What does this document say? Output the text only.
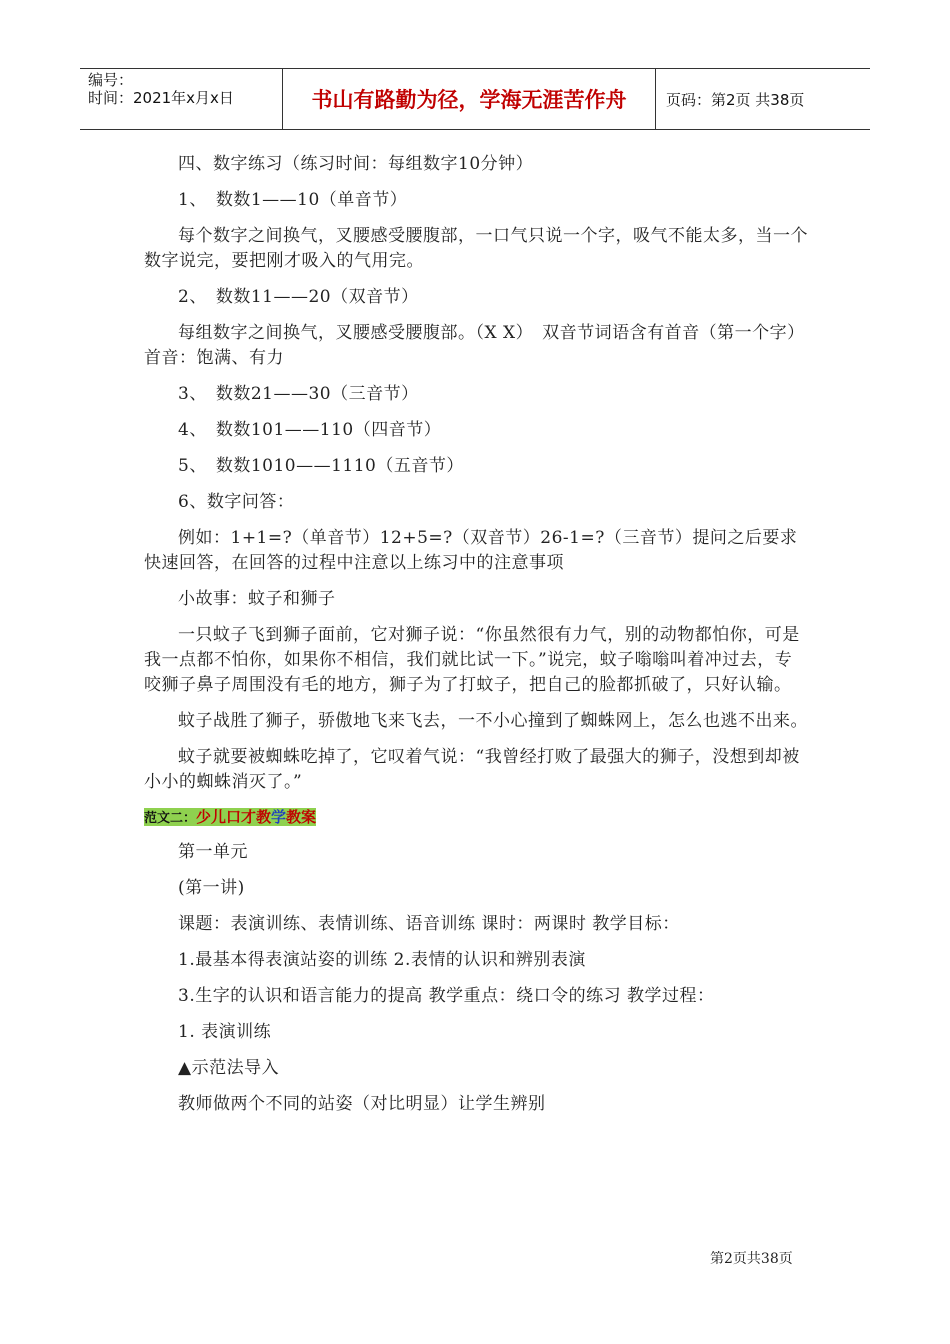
编号：
时间：2021年x月x日	书山有路勤为径，学海无涯苦作舟	页码：第2页 共38页

四、数字练习（练习时间：每组数字10分钟）

1、　数数1——10（单音节）

每个数字之间换气，叉腰感受腰腹部，一口气只说一个字，吸气不能太多，当一个数字说完，要把刚才吸入的气用完。

2、　数数11——20（双音节）

每组数字之间换气，叉腰感受腰腹部。（X X）　双音节词语含有首音（第一个字）首音：饱满、有力

3、　数数21——30（三音节）

4、　数数101——110（四音节）

5、　数数1010——1110（五音节）

6、数字问答：

例如：1+1=?（单音节）12+5=?（双音节）26-1=?（三音节）提问之后要求快速回答，在回答的过程中注意以上练习中的注意事项

小故事：蚊子和狮子

一只蚊子飞到狮子面前，它对狮子说：“你虽然很有力气，别的动物都怕你，可是我一点都不怕你，如果你不相信，我们就比试一下。”说完，蚊子嗡嗡叫着冲过去，专咬狮子鼻子周围没有毛的地方，狮子为了打蚊子，把自己的脸都抓破了，只好认输。

蚊子战胜了狮子，骄傲地飞来飞去，一不小心撞到了蜘蛛网上，怎么也逃不出来。

蚊子就要被蜘蛛吃掉了，它叹着气说：“我曾经打败了最强大的狮子，没想到却被小小的蜘蛛消灭了。”

范文二：少儿口才教学教案

第一单元

(第一讲)

课题：表演训练、表情训练、语音训练 课时：两课时 教学目标：

1.最基本得表演站姿的训练 2.表情的认识和辨别表演

3.生字的认识和语言能力的提高 教学重点：绕口令的练习 教学过程：

1. 表演训练

▲示范法导入

教师做两个不同的站姿（对比明显）让学生辨别

第2页共38页
